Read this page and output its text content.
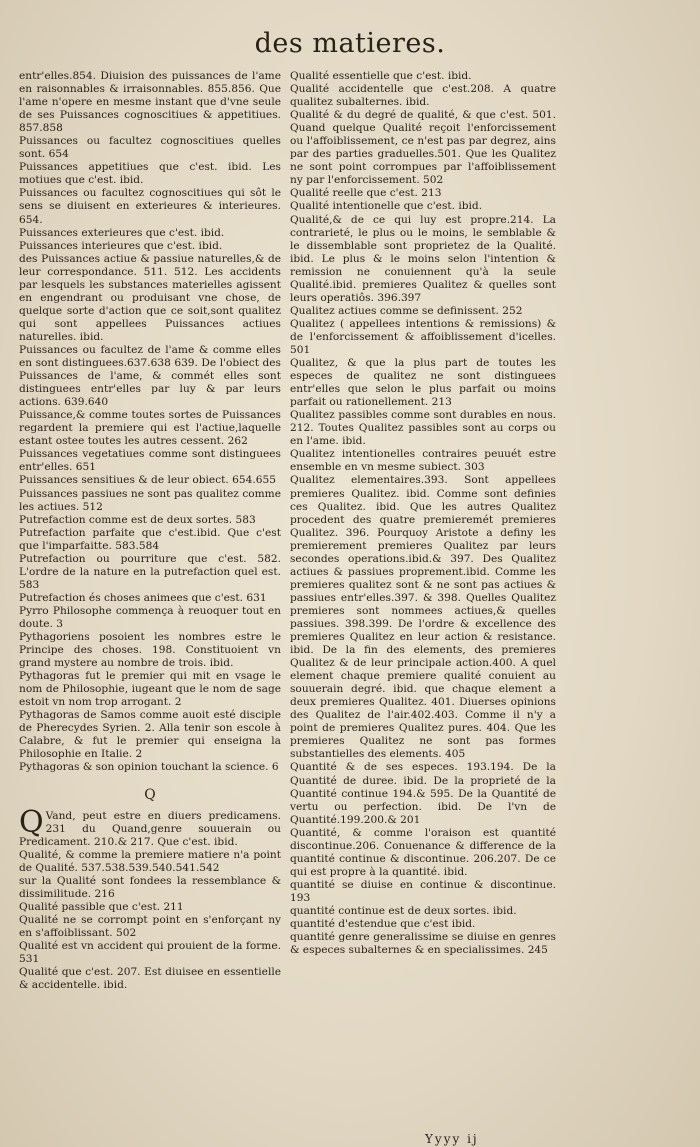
des matieres.

entr'elles.854. Diuision des puissances de l'ame en raisonnables & irraisonnables. 855.856. Que l'ame n'opere en mesme instant que d'vne seule de ses Puissances cognoscitiues & appetitiues. 857.858

Puissances ou facultez cognoscitiues quelles sont. 654

Puissances appetitiues que c'est. ibid. Les motiues que c'est. ibid.

Puissances ou facultez cognoscitiues qui sôt le sens se diuisent en exterieures & interieures. 654.

Puissances exterieures que c'est. ibid.

Puissances interieures que c'est. ibid.

des Puissances actiue & passiue naturelles,& de leur correspondance. 511. 512. Les accidents par lesquels les substances materielles agissent en engendrant ou produisant vne chose, de quelque sorte d'action que ce soit,sont qualitez qui sont appellees Puissances actiues naturelles. ibid.

Puissances ou facultez de l'ame & comme elles en sont distinguees.637.638 639. De l'obiect des Puissances de l'ame, & commét elles sont distinguees entr'elles par luy & par leurs actions. 639.640

Puissance,& comme toutes sortes de Puissances regardent la premiere qui est l'actiue,laquelle estant ostee toutes les autres cessent. 262

Puissances vegetatiues comme sont distinguees entr'elles. 651

Puissances sensitiues & de leur obiect. 654.655

Puissances passiues ne sont pas qualitez comme les actiues. 512

Putrefaction comme est de deux sortes. 583

Putrefaction parfaite que c'est.ibid. Que c'est que l'imparfaitte. 583.584

Putrefaction ou pourriture que c'est. 582. L'ordre de la nature en la putrefaction quel est. 583

Putrefaction és choses animees que c'est. 631

Pyrro Philosophe commença à reuoquer tout en doute. 3

Pythagoriens posoient les nombres estre le Principe des choses. 198. Constituoient vn grand mystere au nombre de trois. ibid.

Pythagoras fut le premier qui mit en vsage le nom de Philosophie, iugeant que le nom de sage estoit vn nom trop arrogant. 2

Pythagoras de Samos comme auoit esté disciple de Pherecydes Syrien. 2. Alla tenir son escole à Calabre, & fut le premier qui enseigna la Philosophie en Italie. 2

Pythagoras & son opinion touchant la science. 6

Q

Q Vand, peut estre en diuers predicamens. 231 du Quand,genre souuerain ou Predicament. 210.& 217. Que c'est. ibid.

Qualité, & comme la premiere matiere n'a point de Qualité. 537.538.539.540.541.542

sur la Qualité sont fondees la ressemblance & dissimilitude. 216

Qualité passible que c'est. 211

Qualité ne se corrompt point en s'enforçant ny en s'affoiblissant. 502

Qualité est vn accident qui prouient de la forme. 531

Qualité que c'est. 207. Est diuisee en essentielle & accidentelle. ibid.

Qualité essentielle que c'est. ibid.

Qualité accidentelle que c'est.208. A quatre qualitez subalternes. ibid.

Qualité & du degré de qualité, & que c'est. 501. Quand quelque Qualité reçoit l'enforcissement ou l'affoiblissement, ce n'est pas par degrez, ains par des parties graduelles.501. Que les Qualitez ne sont point corrompues par l'affoiblissement ny par l'enforcissement. 502

Qualité reelle que c'est. 213

Qualité intentionelle que c'est. ibid.

Qualité,& de ce qui luy est propre.214. La contrarieté, le plus ou le moins, le semblable & le dissemblable sont proprietez de la Qualité. ibid. Le plus & le moins selon l'intention & remission ne conuiennent qu'à la seule Qualité.ibid. premieres Qualitez & quelles sont leurs operatiôs. 396.397

Qualitez actiues comme se definissent. 252

Qualitez ( appellees intentions & remissions) & de l'enforcissement & affoiblissement d'icelles. 501

Qualitez, & que la plus part de toutes les especes de qualitez ne sont distinguees entr'elles que selon le plus parfait ou moins parfait ou rationellement. 213

Qualitez passibles comme sont durables en nous. 212. Toutes Qualitez passibles sont au corps ou en l'ame. ibid.

Qualitez intentionelles contraires peuuét estre ensemble en vn mesme subiect. 303

Qualitez elementaires.393. Sont appellees premieres Qualitez. ibid. Comme sont definies ces Qualitez. ibid. Que les autres Qualitez procedent des quatre premieremét premieres Qualitez. 396. Pourquoy Aristote a definy les premierement premieres Qualitez par leurs secondes operations.ibid.& 397. Des Qualitez actiues & passiues proprement.ibid. Comme les premieres qualitez sont & ne sont pas actiues & passiues entr'elles.397. & 398. Quelles Qualitez premieres sont nommees actiues,& quelles passiues. 398.399. De l'ordre & excellence des premieres Qualitez en leur action & resistance. ibid. De la fin des elements, des premieres Qualitez & de leur principale action.400. A quel element chaque premiere qualité conuient au souuerain degré. ibid. que chaque element a deux premieres Qualitez. 401. Diuerses opinions des Qualitez de l'air.402.403. Comme il n'y a point de premieres Qualitez pures. 404. Que les premieres Qualitez ne sont pas formes substantielles des elements. 405

Quantité & de ses especes. 193.194. De la Quantité de duree. ibid. De la proprieté de la Quantité continue 194.& 595. De la Quantité de vertu ou perfection. ibid. De l'vn de Quantité.199.200.& 201

Quantité, & comme l'oraison est quantité discontinue.206. Conuenance & difference de la quantité continue & discontinue. 206.207. De ce qui est propre à la quantité. ibid.

quantité se diuise en continue & discontinue. 193

quantité continue est de deux sortes. ibid.

quantité d'estendue que c'est ibid.

quantité genre generalissime se diuise en genres & especes subalternes & en specialissimes. 245

Yyyy ij
